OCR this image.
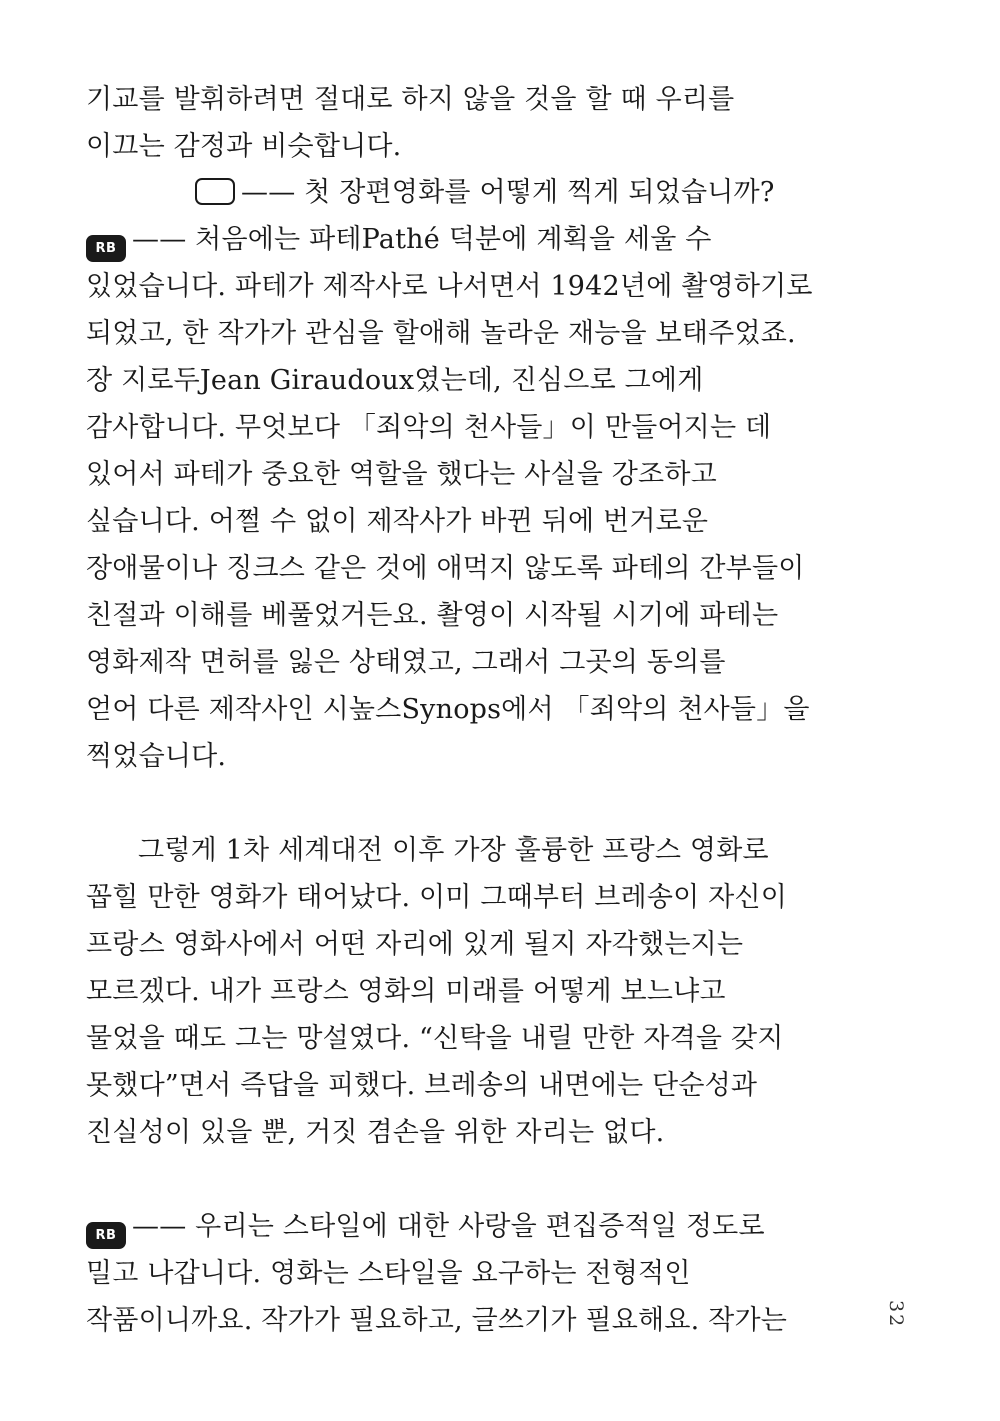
기교를 발휘하려면 절대로 하지 않을 것을 할 때 우리를
이끄는 감정과 비슷합니다.
—— 첫 장편영화를 어떻게 찍게 되었습니까?
RB —— 처음에는 파테Pathé 덕분에 계획을 세울 수
있었습니다. 파테가 제작사로 나서면서 1942년에 촬영하기로
되었고, 한 작가가 관심을 할애해 놀라운 재능을 보태주었죠.
장 지로두Jean Giraudoux였는데, 진심으로 그에게
감사합니다. 무엇보다 「죄악의 천사들」이 만들어지는 데
있어서 파테가 중요한 역할을 했다는 사실을 강조하고
싶습니다. 어쩔 수 없이 제작사가 바뀐 뒤에 번거로운
장애물이나 징크스 같은 것에 애먹지 않도록 파테의 간부들이
친절과 이해를 베풀었거든요. 촬영이 시작될 시기에 파테는
영화제작 면허를 잃은 상태였고, 그래서 그곳의 동의를
얻어 다른 제작사인 시높스Synops에서 「죄악의 천사들」을
찍었습니다.
그렇게 1차 세계대전 이후 가장 훌륭한 프랑스 영화로
꼽힐 만한 영화가 태어났다. 이미 그때부터 브레송이 자신이
프랑스 영화사에서 어떤 자리에 있게 될지 자각했는지는
모르겠다. 내가 프랑스 영화의 미래를 어떻게 보느냐고
물었을 때도 그는 망설였다. “신탁을 내릴 만한 자격을 갖지
못했다”면서 즉답을 피했다. 브레송의 내면에는 단순성과
진실성이 있을 뿐, 거짓 겸손을 위한 자리는 없다.
RB —— 우리는 스타일에 대한 사랑을 편집증적일 정도로
밀고 나갑니다. 영화는 스타일을 요구하는 전형적인
작품이니까요. 작가가 필요하고, 글쓰기가 필요해요. 작가는	32
